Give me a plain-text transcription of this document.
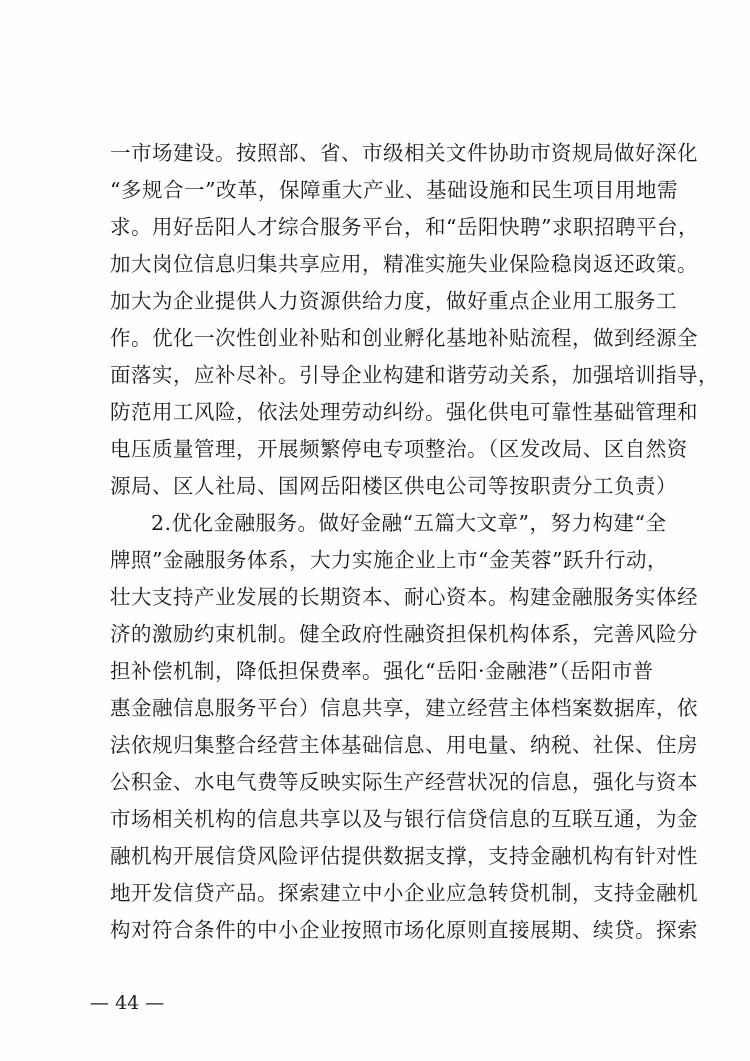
一市场建设。按照部、省、市级相关文件协助市资规局做好深化
“多规合一”改革，保障重大产业、基础设施和民生项目用地需
求。用好岳阳人才综合服务平台，和“岳阳快聘”求职招聘平台，
加大岗位信息归集共享应用，精准实施失业保险稳岗返还政策。
加大为企业提供人力资源供给力度，做好重点企业用工服务工
作。优化一次性创业补贴和创业孵化基地补贴流程，做到经源全
面落实，应补尽补。引导企业构建和谐劳动关系，加强培训指导，
防范用工风险，依法处理劳动纠纷。强化供电可靠性基础管理和
电压质量管理，开展频繁停电专项整治。（区发改局、区自然资
源局、区人社局、国网岳阳楼区供电公司等按职责分工负责）
2.优化金融服务。做好金融“五篇大文章”，努力构建“全
牌照”金融服务体系，大力实施企业上市“金芙蓉”跃升行动，
壮大支持产业发展的长期资本、耐心资本。构建金融服务实体经
济的激励约束机制。健全政府性融资担保机构体系，完善风险分
担补偿机制，降低担保费率。强化“岳阳·金融港”（岳阳市普
惠金融信息服务平台）信息共享，建立经营主体档案数据库，依
法依规归集整合经营主体基础信息、用电量、纳税、社保、住房
公积金、水电气费等反映实际生产经营状况的信息，强化与资本
市场相关机构的信息共享以及与银行信贷信息的互联互通，为金
融机构开展信贷风险评估提供数据支撑，支持金融机构有针对性
地开发信贷产品。探索建立中小企业应急转贷机制，支持金融机
构对符合条件的中小企业按照市场化原则直接展期、续贷。探索
— 44 —
